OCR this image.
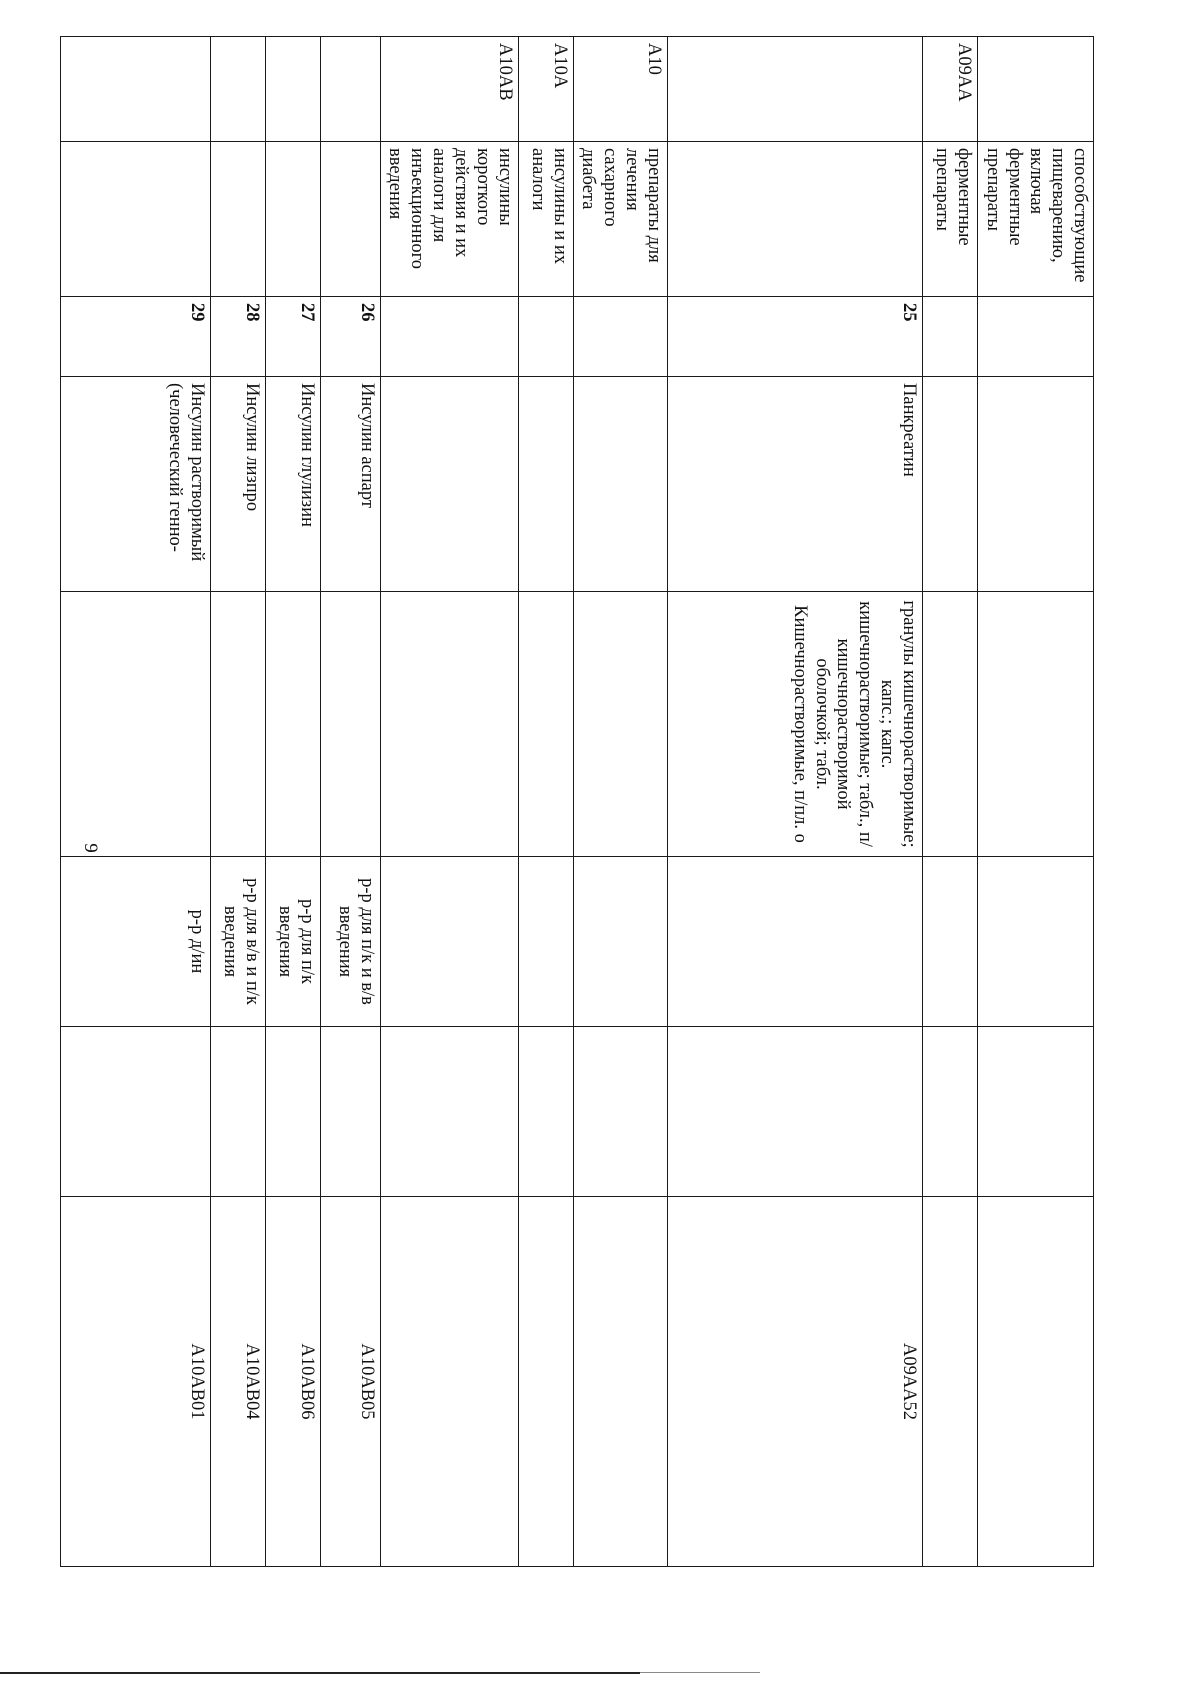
9
	способствующие пищеварению, включая ферментные препараты						
A09AA	ферментные препараты						
		25	Панкреатин	гранулы кишечнорастворимые; капс.; капс. кишечнорастворимые; табл., п/кишечнорастворимой оболочкой; табл. Кишечнорастворимые, п/пл. о			A09AA52
A10	препараты для лечения сахарного диабета						
A10A	инсулины и их аналоги						
A10AB	инсулины короткого действия и их аналоги для инъекционного введения						
		26	Инсулин аспарт		р-р для п/к и в/в введения		A10AB05
		27	Инсулин глулизин		р-р для п/к введения		A10AB06
		28	Инсулин лизпро		р-р для в/в и п/к введения		A10AB04
		29	Инсулин растворимый (человеческий генно-		р-р д/ин		A10AB01
